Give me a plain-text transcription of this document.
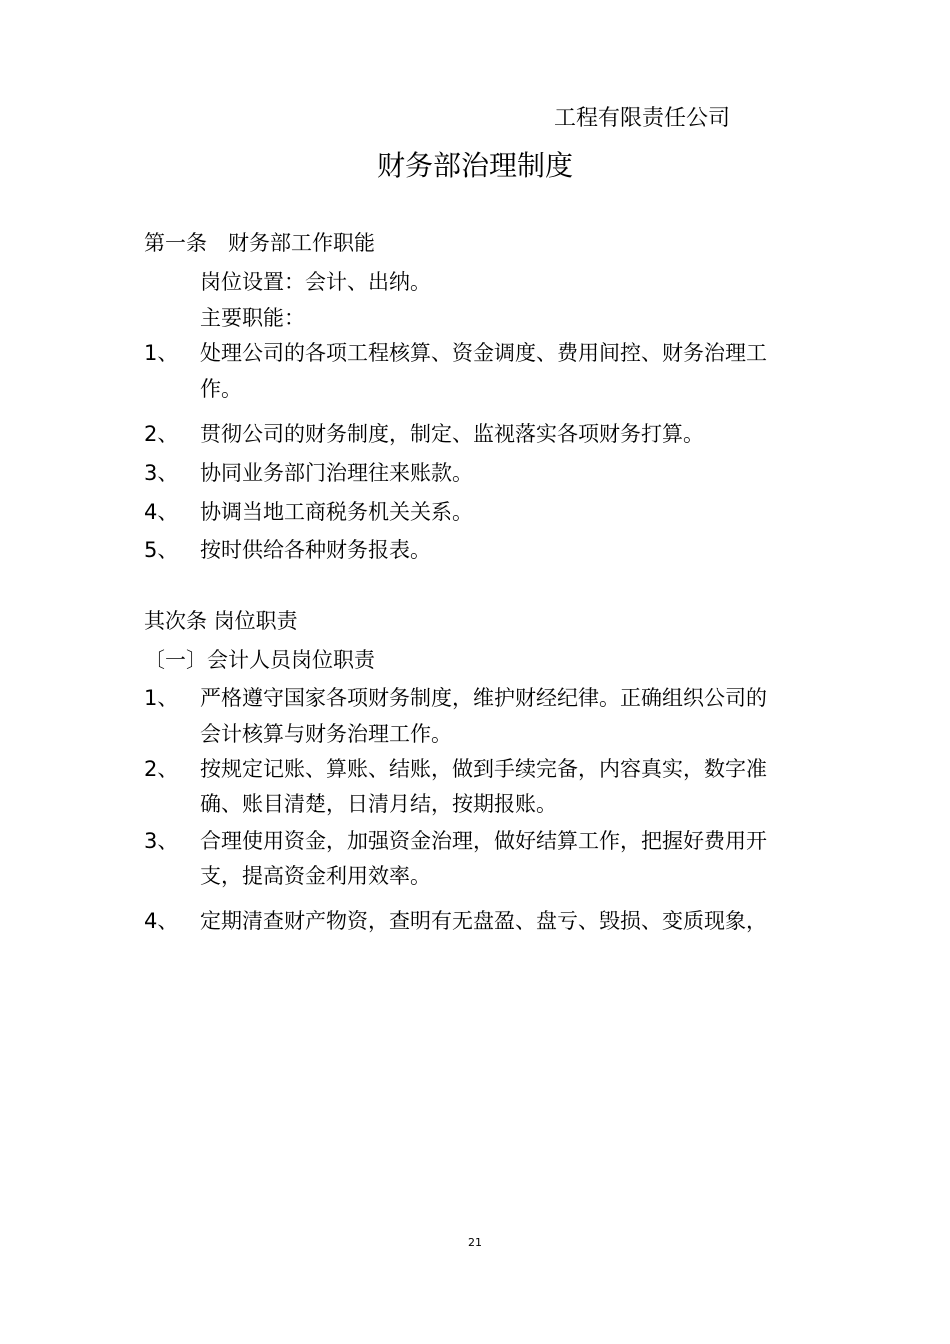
工程有限责任公司
财务部治理制度
第一条　财务部工作职能
岗位设置：会计、出纳。
主要职能：
1、 处理公司的各项工程核算、资金调度、费用间控、财务治理工
作。
2、 贯彻公司的财务制度，制定、监视落实各项财务打算。
3、 协同业务部门治理往来账款。
4、 协调当地工商税务机关关系。
5、 按时供给各种财务报表。
其次条 岗位职责
〔一〕会计人员岗位职责
1、 严格遵守国家各项财务制度，维护财经纪律。正确组织公司的
会计核算与财务治理工作。
2、 按规定记账、算账、结账，做到手续完备，内容真实，数字准
确、账目清楚，日清月结，按期报账。
3、 合理使用资金，加强资金治理，做好结算工作，把握好费用开
支，提高资金利用效率。
4、 定期清查财产物资，查明有无盘盈、盘亏、毁损、变质现象，
21
